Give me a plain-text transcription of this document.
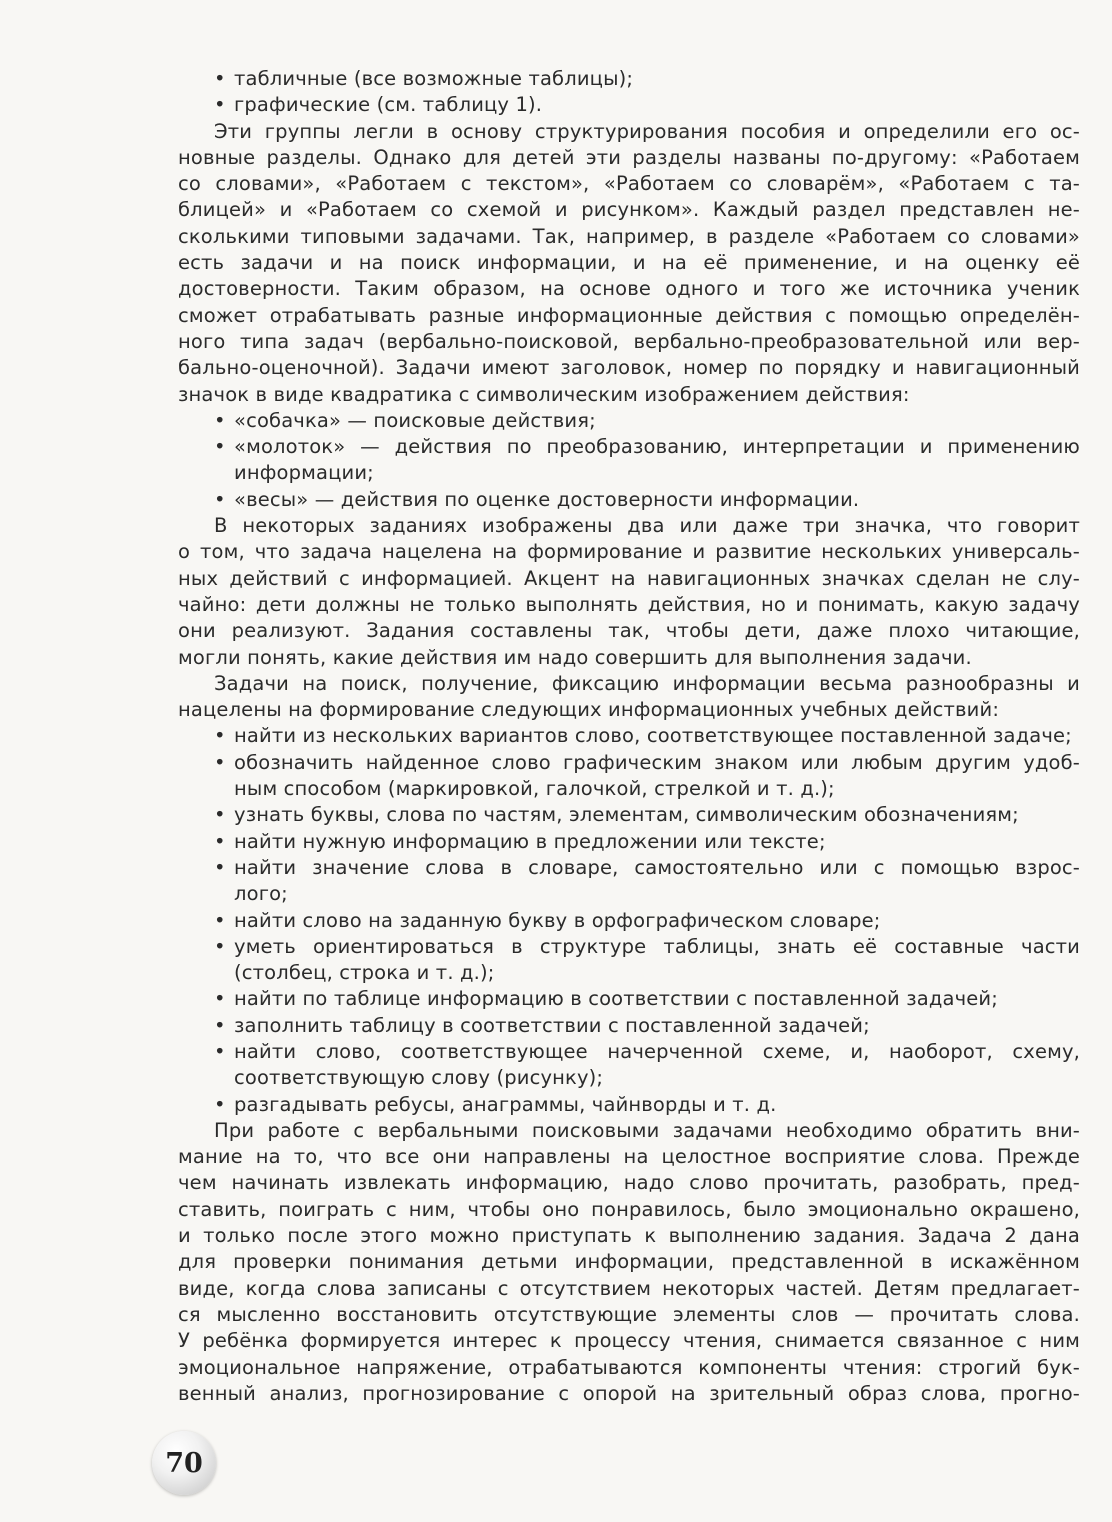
• табличные (все возможные таблицы);
• графические (см. таблицу 1).
Эти группы легли в основу структурирования пособия и определили его ос-
новные разделы. Однако для детей эти разделы названы по-другому: «Работаем
со словами», «Работаем с текстом», «Работаем со словарём», «Работаем с та-
блицей» и «Работаем со схемой и рисунком». Каждый раздел представлен не-
сколькими типовыми задачами. Так, например, в разделе «Работаем со словами»
есть задачи и на поиск информации, и на её применение, и на оценку её
достоверности. Таким образом, на основе одного и того же источника ученик
сможет отрабатывать разные информационные действия с помощью определён-
ного типа задач (вербально-поисковой, вербально-преобразовательной или вер-
бально-оценочной). Задачи имеют заголовок, номер по порядку и навигационный
значок в виде квадратика с символическим изображением действия:
• «собачка» — поисковые действия;
• «молоток» — действия по преобразованию, интерпретации и применению
информации;
• «весы» — действия по оценке достоверности информации.
В некоторых заданиях изображены два или даже три значка, что говорит
о том, что задача нацелена на формирование и развитие нескольких универсаль-
ных действий с информацией. Акцент на навигационных значках сделан не слу-
чайно: дети должны не только выполнять действия, но и понимать, какую задачу
они реализуют. Задания составлены так, чтобы дети, даже плохо читающие,
могли понять, какие действия им надо совершить для выполнения задачи.
Задачи на поиск, получение, фиксацию информации весьма разнообразны и
нацелены на формирование следующих информационных учебных действий:
• найти из нескольких вариантов слово, соответствующее поставленной задаче;
• обозначить найденное слово графическим знаком или любым другим удоб-
ным способом (маркировкой, галочкой, стрелкой и т. д.);
• узнать буквы, слова по частям, элементам, символическим обозначениям;
• найти нужную информацию в предложении или тексте;
• найти значение слова в словаре, самостоятельно или с помощью взрос-
лого;
• найти слово на заданную букву в орфографическом словаре;
• уметь ориентироваться в структуре таблицы, знать её составные части
(столбец, строка и т. д.);
• найти по таблице информацию в соответствии с поставленной задачей;
• заполнить таблицу в соответствии с поставленной задачей;
• найти слово, соответствующее начерченной схеме, и, наоборот, схему,
соответствующую слову (рисунку);
• разгадывать ребусы, анаграммы, чайнворды и т. д.
При работе с вербальными поисковыми задачами необходимо обратить вни-
мание на то, что все они направлены на целостное восприятие слова. Прежде
чем начинать извлекать информацию, надо слово прочитать, разобрать, пред-
ставить, поиграть с ним, чтобы оно понравилось, было эмоционально окрашено,
и только после этого можно приступать к выполнению задания. Задача 2 дана
для проверки понимания детьми информации, представленной в искажённом
виде, когда слова записаны с отсутствием некоторых частей. Детям предлагает-
ся мысленно восстановить отсутствующие элементы слов — прочитать слова.
У ребёнка формируется интерес к процессу чтения, снимается связанное с ним
эмоциональное напряжение, отрабатываются компоненты чтения: строгий бук-
венный анализ, прогнозирование с опорой на зрительный образ слова, прогно-
70
